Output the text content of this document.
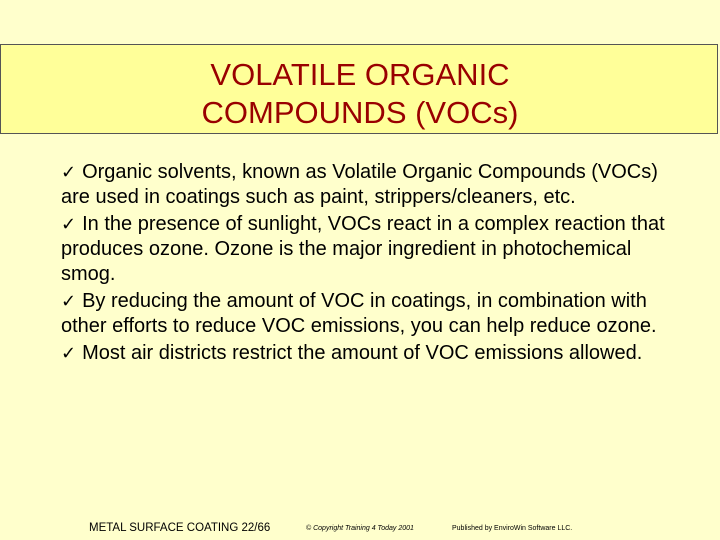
VOLATILE ORGANIC
COMPOUNDS (VOCs)
✓ Organic solvents, known as Volatile Organic Compounds (VOCs) are used in coatings such as paint, strippers/cleaners, etc.
✓ In the presence of sunlight, VOCs react in a complex reaction that produces ozone. Ozone is the major ingredient in photochemical smog.
✓ By reducing the amount of VOC in coatings, in combination with other efforts to reduce VOC emissions, you can help reduce ozone.
✓ Most air districts restrict the amount of VOC emissions allowed.
METAL SURFACE COATING 22/66	© Copyright Training 4 Today 2001	Published by EnviroWin Software LLC.
